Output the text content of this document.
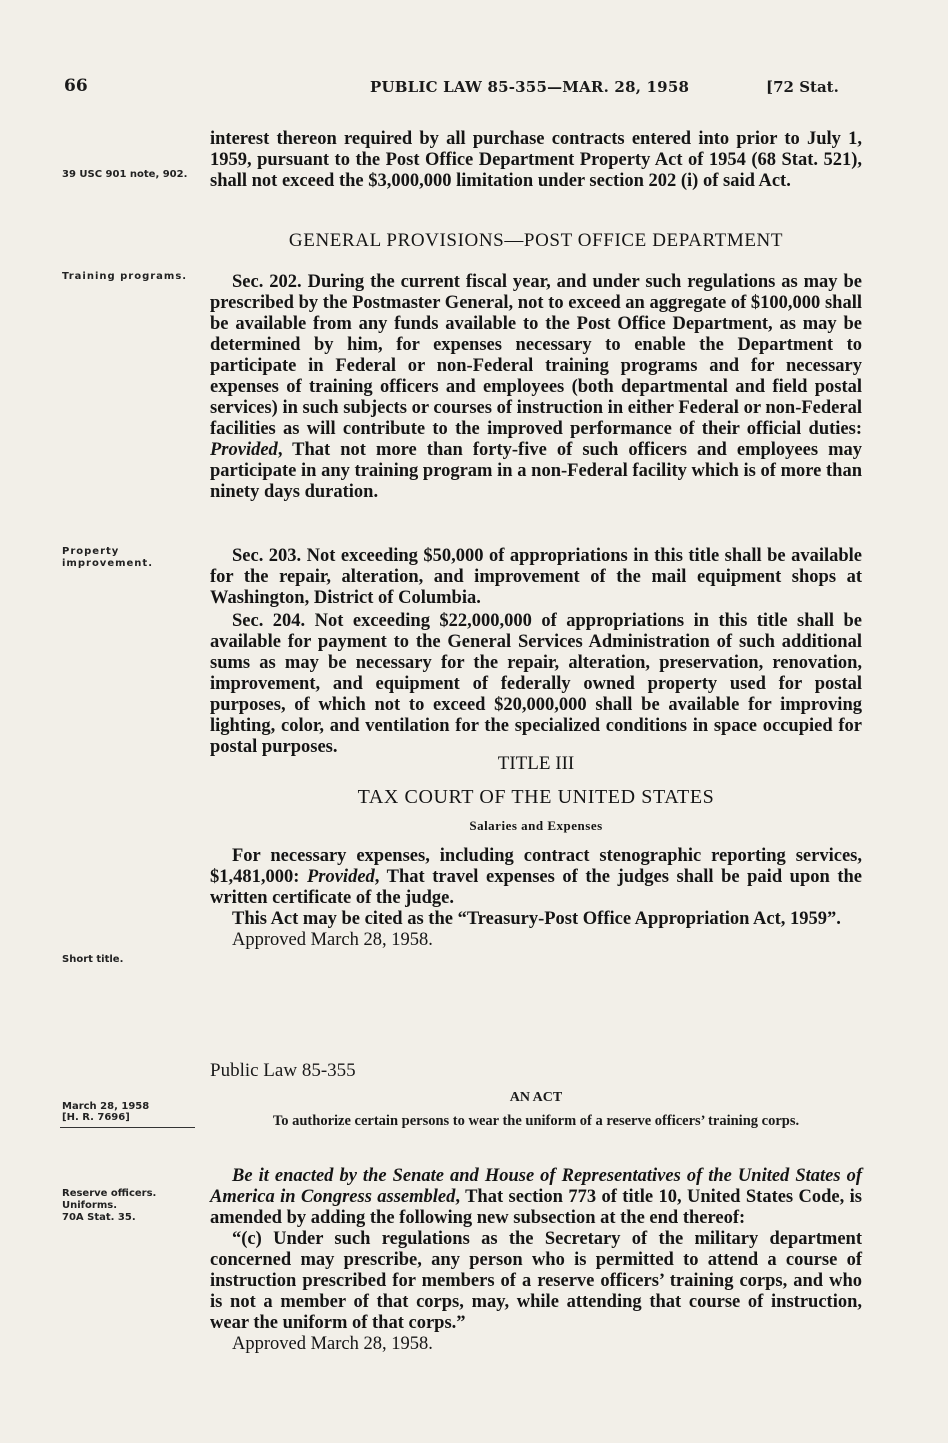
66	PUBLIC LAW 85-355—MAR. 28, 1958	[72 Stat.
39 USC 901 note, 902.
Training programs.
Property improvement.
Short title.
March 28, 1958
[H. R. 7696]
Reserve officers.
Uniforms.
70A Stat. 35.

interest thereon required by all purchase contracts entered into prior to July 1, 1959, pursuant to the Post Office Department Property Act of 1954 (68 Stat. 521), shall not exceed the $3,000,000 limitation under section 202 (i) of said Act.

GENERAL PROVISIONS—POST OFFICE DEPARTMENT

Sec. 202. During the current fiscal year, and under such regulations as may be prescribed by the Postmaster General, not to exceed an aggregate of $100,000 shall be available from any funds available to the Post Office Department, as may be determined by him, for expenses necessary to enable the Department to participate in Federal or non-Federal training programs and for necessary expenses of training officers and employees (both departmental and field postal services) in such subjects or courses of instruction in either Federal or non-Federal facilities as will contribute to the improved performance of their official duties: Provided, That not more than forty-five of such officers and employees may participate in any training program in a non-Federal facility which is of more than ninety days duration.

Sec. 203. Not exceeding $50,000 of appropriations in this title shall be available for the repair, alteration, and improvement of the mail equipment shops at Washington, District of Columbia.

Sec. 204. Not exceeding $22,000,000 of appropriations in this title shall be available for payment to the General Services Administration of such additional sums as may be necessary for the repair, alteration, preservation, renovation, improvement, and equipment of federally owned property used for postal purposes, of which not to exceed $20,000,000 shall be available for improving lighting, color, and ventilation for the specialized conditions in space occupied for postal purposes.

TITLE III
TAX COURT OF THE UNITED STATES
Salaries and Expenses

For necessary expenses, including contract stenographic reporting services, $1,481,000: Provided, That travel expenses of the judges shall be paid upon the written certificate of the judge.

This Act may be cited as the “Treasury-Post Office Appropriation Act, 1959”.

Approved March 28, 1958.

Public Law 85-355
AN ACT
To authorize certain persons to wear the uniform of a reserve officers’ training corps.

Be it enacted by the Senate and House of Representatives of the United States of America in Congress assembled, That section 773 of title 10, United States Code, is amended by adding the following new subsection at the end thereof:

“(c) Under such regulations as the Secretary of the military department concerned may prescribe, any person who is permitted to attend a course of instruction prescribed for members of a reserve officers’ training corps, and who is not a member of that corps, may, while attending that course of instruction, wear the uniform of that corps.”

Approved March 28, 1958.
